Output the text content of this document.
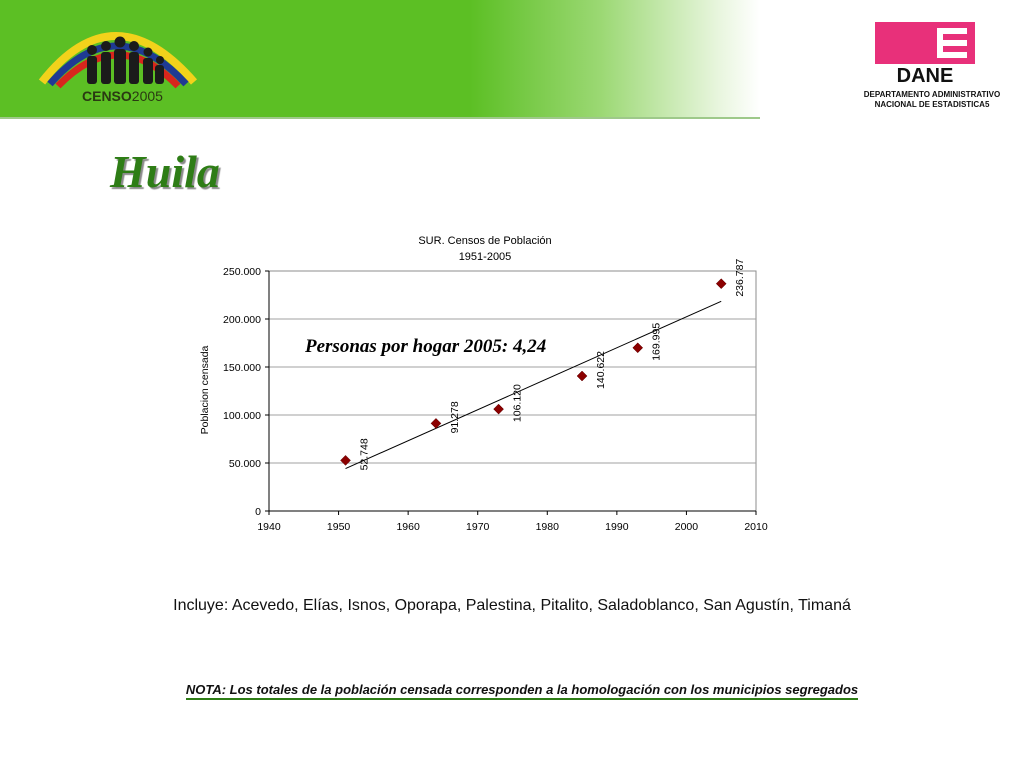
CENSO2005
DANE
DEPARTAMENTO ADMINISTRATIVO
NACIONAL DE ESTADISTICA5
Huila
SUR. Censos de Población
1951-2005
Poblacion censada
0
50.000
100.000
150.000
200.000
250.000
1940	1950	1960	1970	1980	1990	2000	2010
52.748
91.278	106.120
140.622
169.995
236.787
Personas por hogar 2005: 4,24
Incluye: Acevedo, Elías, Isnos, Oporapa, Palestina, Pitalito, Saladoblanco, San Agustín, Timaná
NOTA: Los totales de la población censada corresponden a la homologación con los municipios segregados
